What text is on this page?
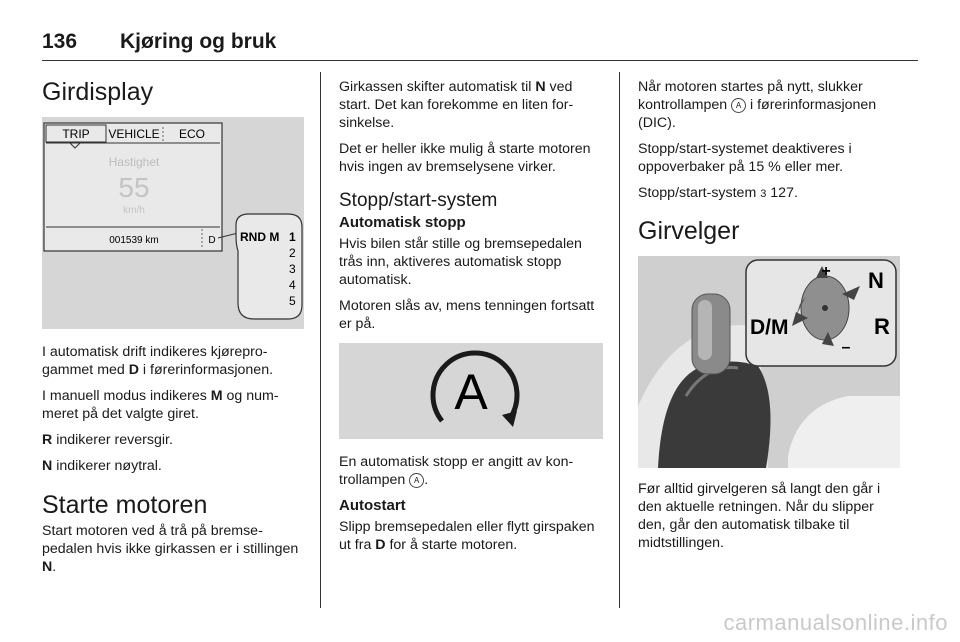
136	Kjøring og bruk
Girdisplay
TRIP VEHICLE ECO
Hastighet
55
km/h
001539 km	D RND M 1
2
3
4
5

I automatisk drift indikeres kjøreprogammet med D i førerinformasjonen.

I manuell modus indikeres M og nummeret på det valgte giret.

R indikerer reversgir.

N indikerer nøytral.

Starte motoren

Start motoren ved å trå på bremsepedalen hvis ikke girkassen er i stillingen N.

Girkassen skifter automatisk til N ved start. Det kan forekomme en liten forsinkelse.

Det er heller ikke mulig å starte motoren hvis ingen av bremselysene virker.

Stopp/start-system
Automatisk stopp

Hvis bilen står stille og bremsepedalen trås inn, aktiveres automatisk stopp automatisk.

Motoren slås av, mens tenningen fortsatt er på.

A

En automatisk stopp er angitt av kontrollampen A .

Autostart

Slipp bremsepedalen eller flytt girspaken ut fra D for å starte motoren.

Når motoren startes på nytt, slukker kontrollampen A i førerinformasjonen (DIC).

Stopp/start-systemet deaktiveres i oppoverbaker på 15 % eller mer.

Stopp/start-system 3 127.

Girvelger
+
–
N
R
D/M

Før alltid girvelgeren så langt den går i den aktuelle retningen. Når du slipper den, går den automatisk tilbake til midtstillingen.

carmanualsonline.info
